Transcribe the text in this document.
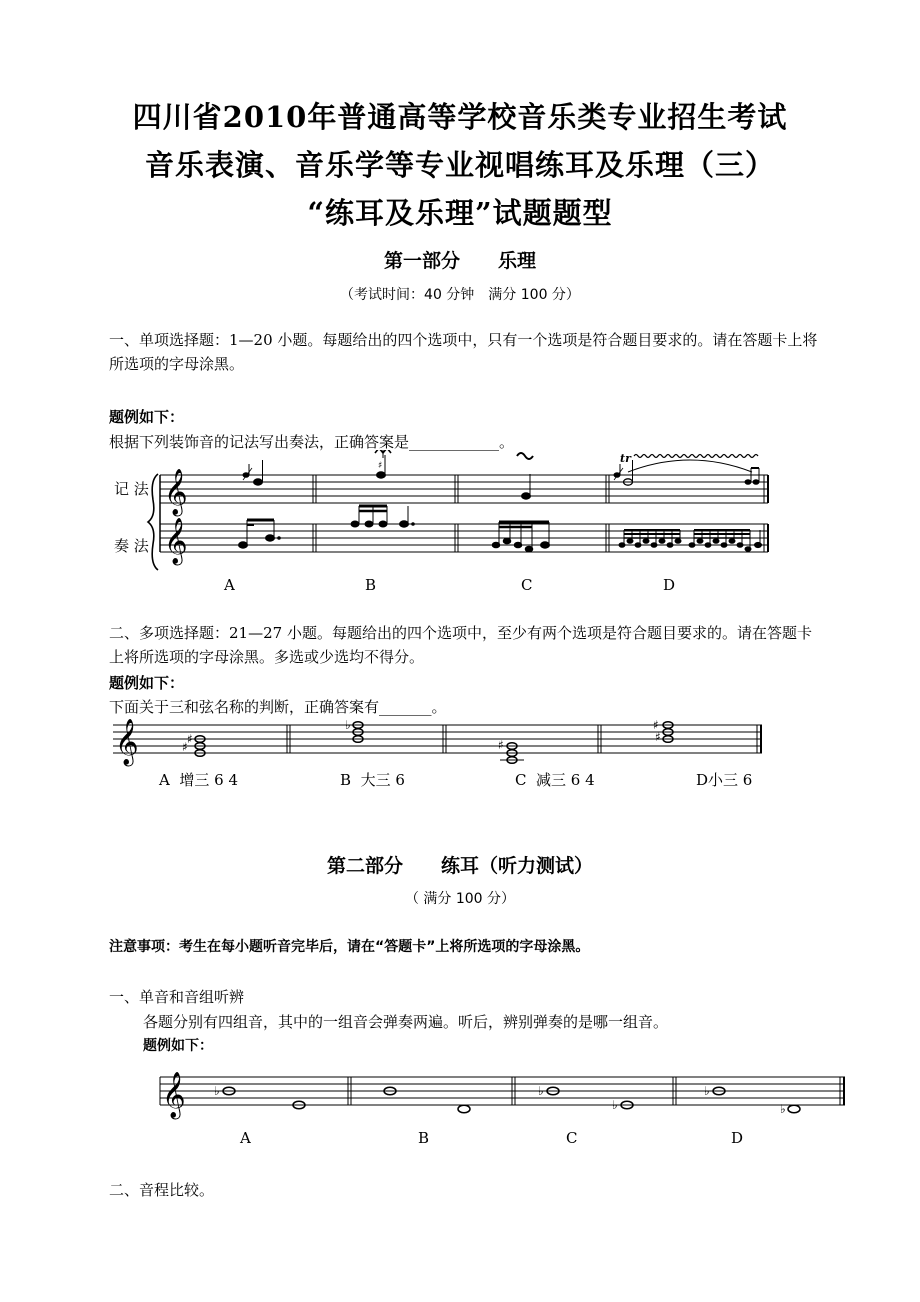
四川省2010年普通高等学校音乐类专业招生考试
音乐表演、音乐学等专业视唱练耳及乐理（三）
“练耳及乐理”试题题型
第一部分　　乐理
（考试时间：40 分钟　满分 100 分）
一、单项选择题：1—20 小题。每题给出的四个选项中，只有一个选项是符合题目要求的。请在答题卡上将所选项的字母涂黑。
题例如下：
根据下列装饰音的记法写出奏法，正确答案是____________。
𝄞
𝄞
♯
tr
记 法
奏 法
A	B	C	D
二、多项选择题：21—27 小题。每题给出的四个选项中，至少有两个选项是符合题目要求的。请在答题卡上将所选项的字母涂黑。多选或少选均不得分。
题例如下：
下面关于三和弦名称的判断，正确答案有_______。
𝄞	♯
♯
♭
♯
♯
♯
A 增三 6 4	B 大三 6	C 减三 6 4	D小三 6
第二部分　　练耳（听力测试）
（ 满分 100 分）
注意事项：考生在每小题听音完毕后，请在“答题卡”上将所选项的字母涂黑。
一、单音和音组听辨
各题分别有四组音，其中的一组音会弹奏两遍。听后，辨别弹奏的是哪一组音。
题例如下：
𝄞 ♭	♭
♭
♭
♭
A	B	C	D
二、音程比较。
